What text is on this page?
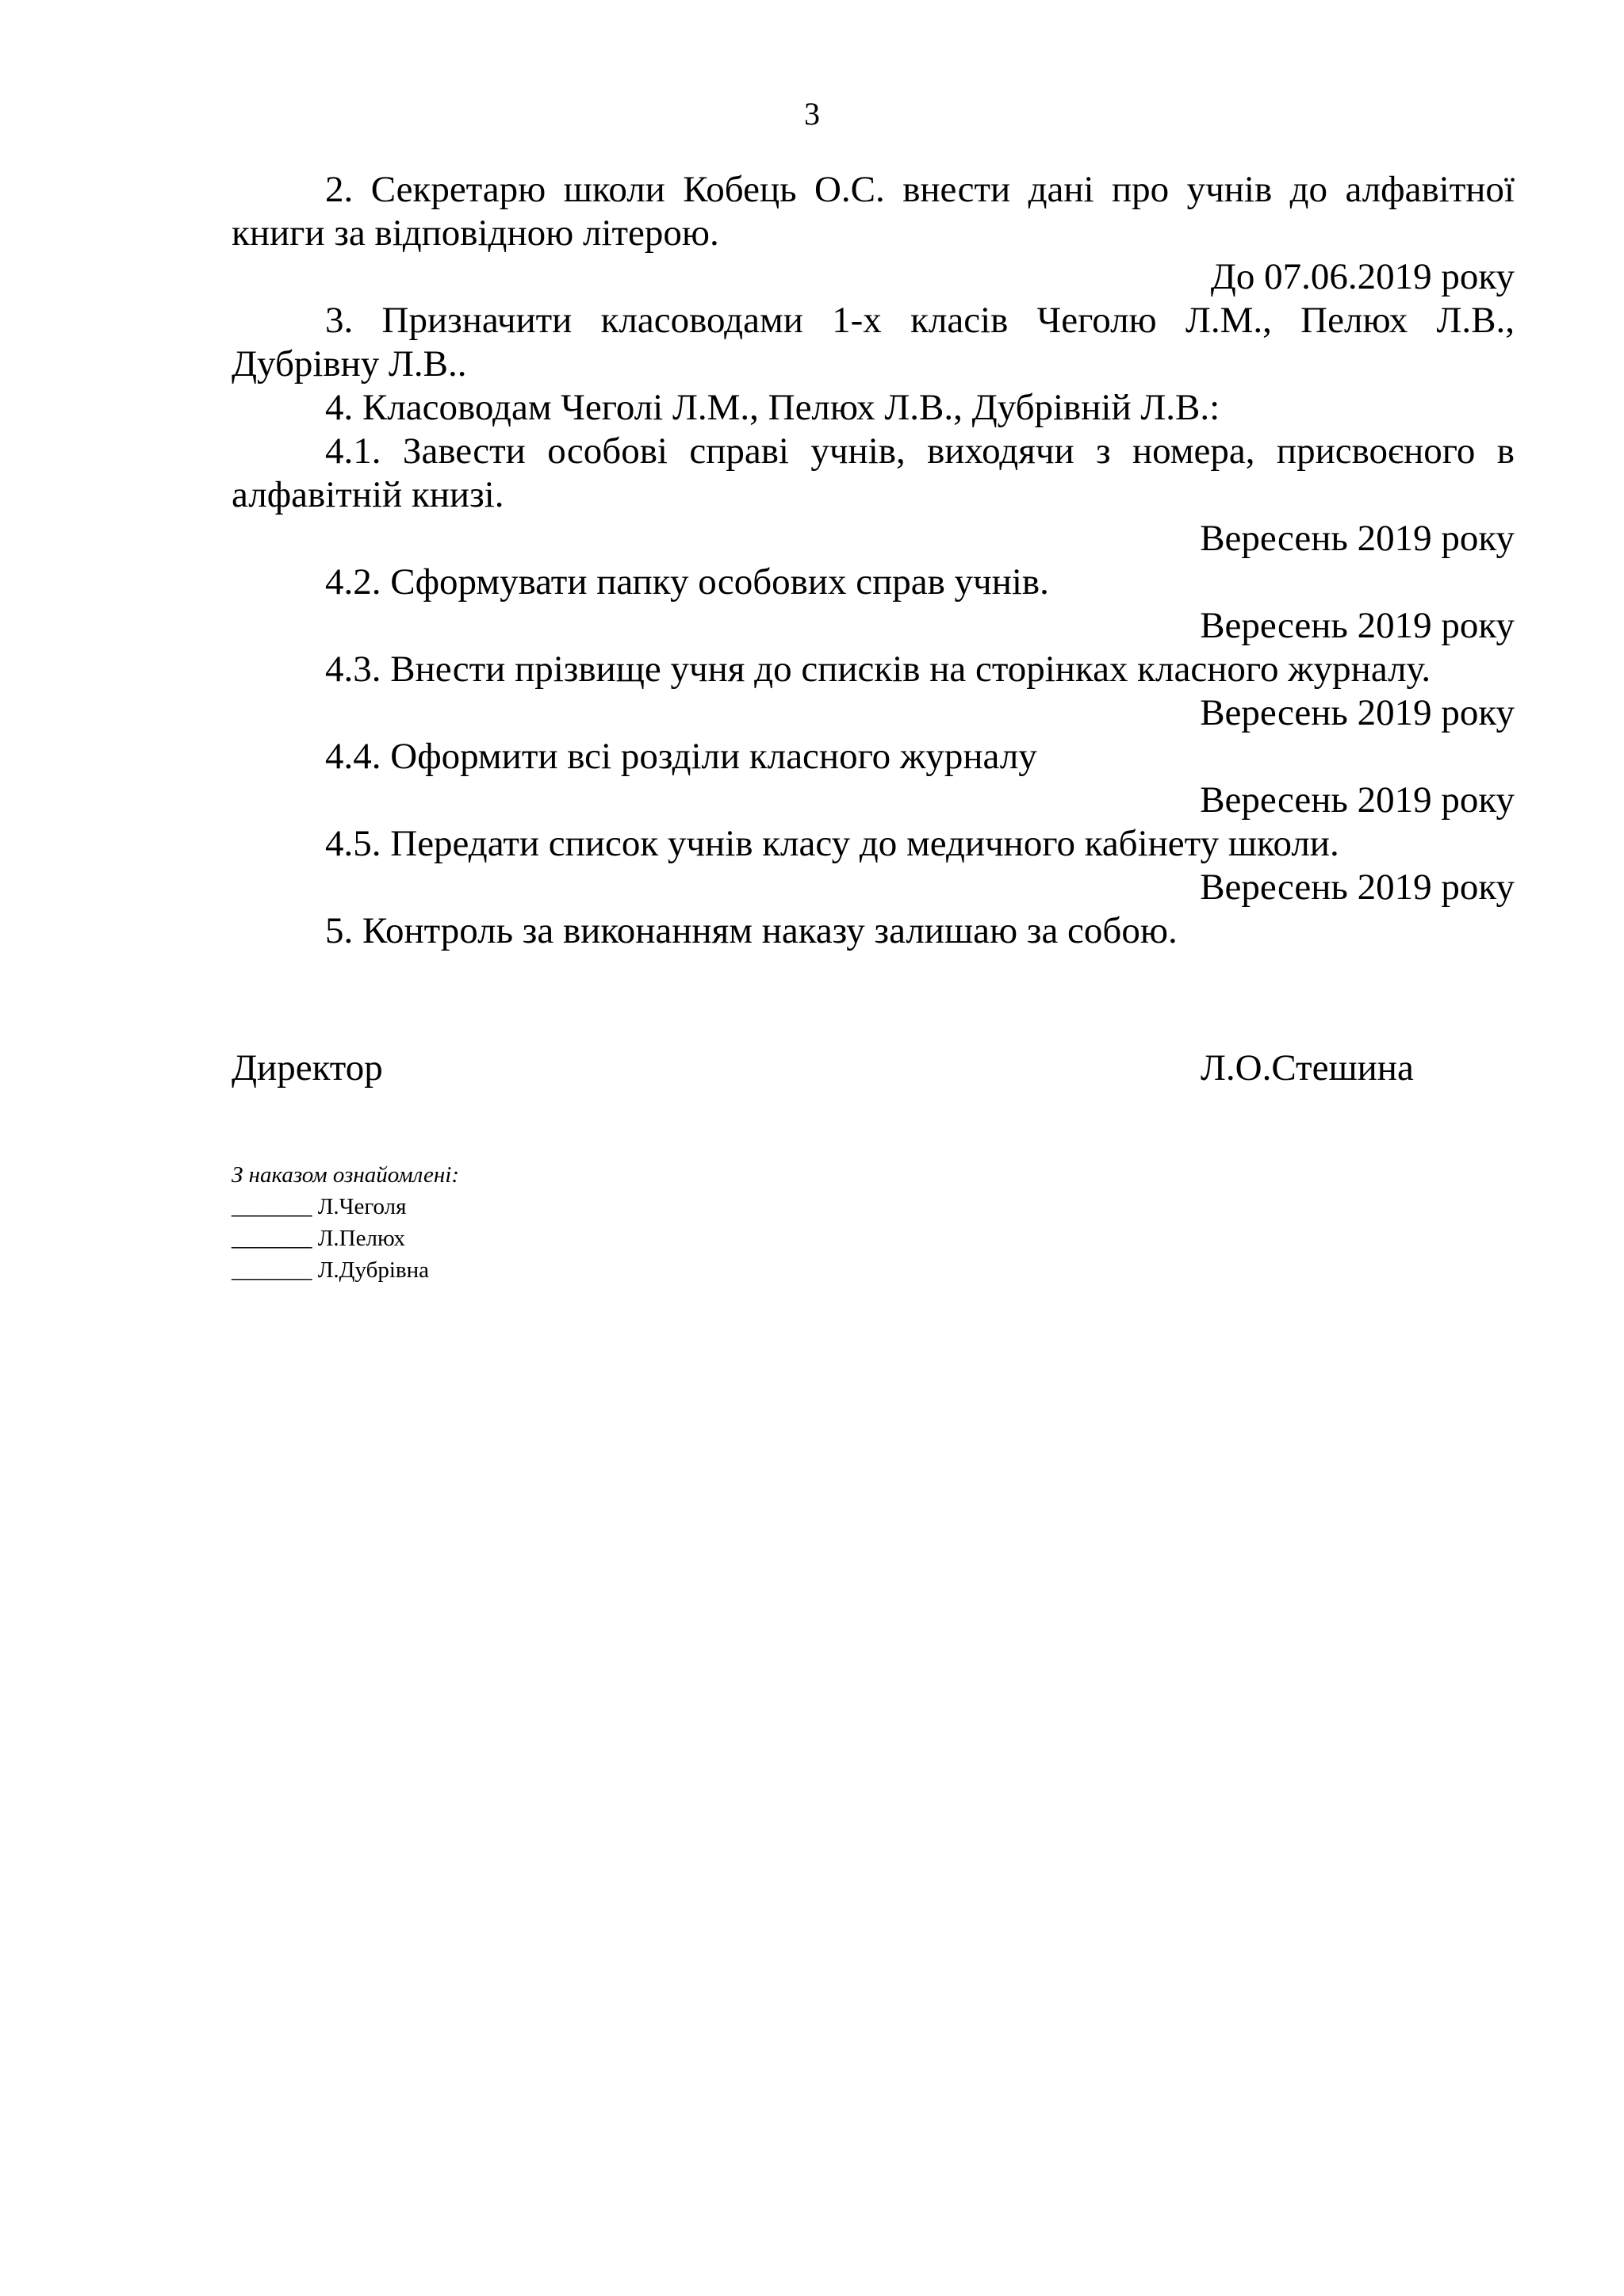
3

2. Секретарю школи Кобець О.С. внести дані про учнів до алфавітної книги за відповідною літерою.

До 07.06.2019 року

3. Призначити класоводами 1-х класів Чеголю Л.М., Пелюх Л.В., Дубрівну Л.В..

4. Класоводам Чеголі Л.М., Пелюх Л.В., Дубрівній Л.В.:

4.1. Завести особові справі учнів, виходячи з номера, присвоєного в алфавітній книзі.

Вересень 2019 року

4.2. Сформувати папку особових справ учнів.

Вересень 2019 року

4.3. Внести прізвище учня до списків на сторінках класного журналу.

Вересень 2019 року

4.4. Оформити всі розділи класного журналу

Вересень 2019 року

4.5. Передати список учнів класу до медичного кабінету школи.

Вересень 2019 року

5. Контроль за виконанням наказу залишаю за собою.

Директор	Л.О.Стешина
З наказом ознайомлені:
_______ Л.Чеголя
_______ Л.Пелюх
_______ Л.Дубрівна
